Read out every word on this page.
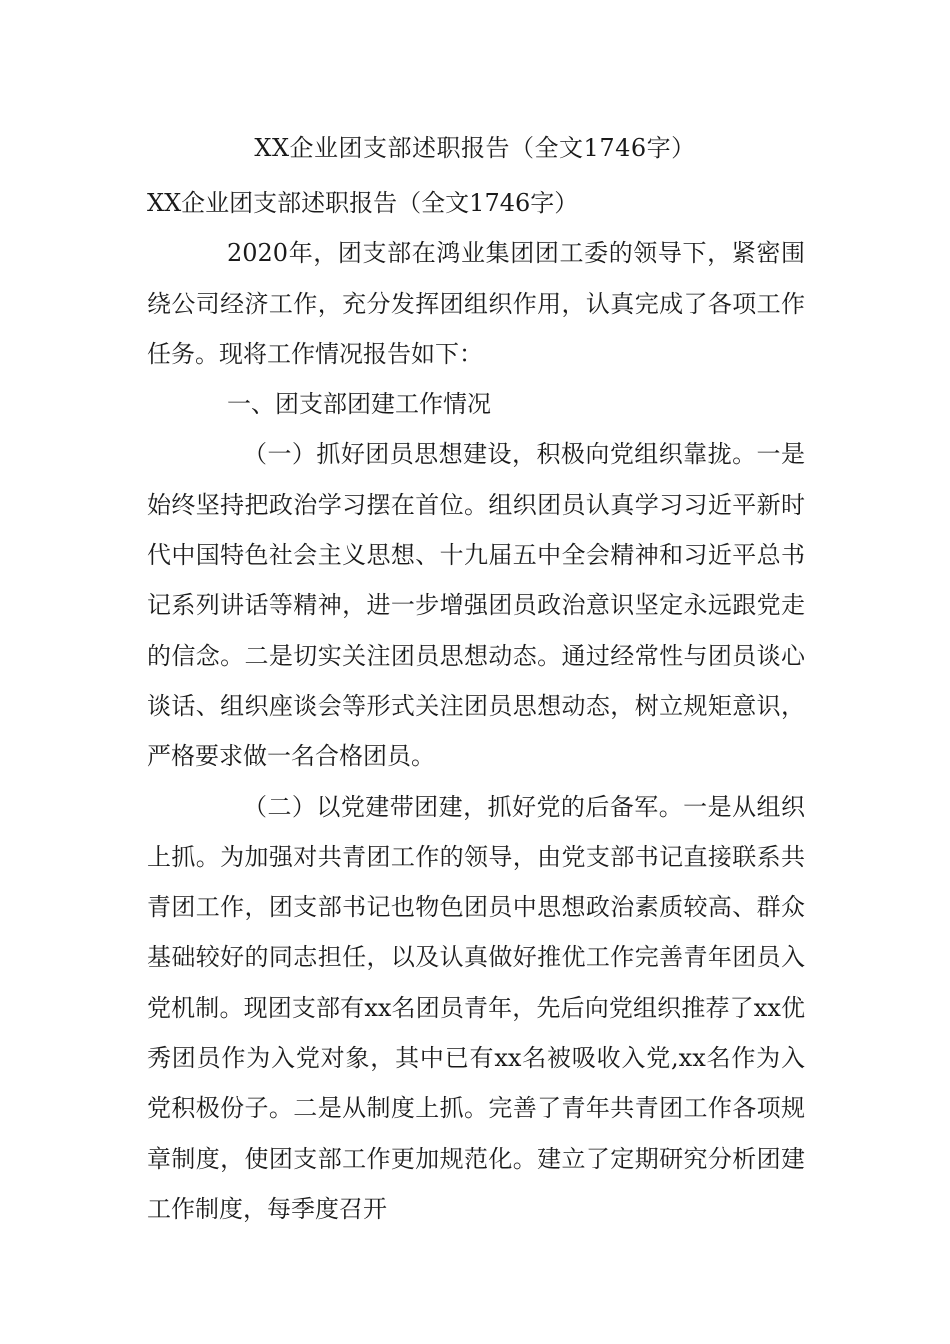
XX企业团支部述职报告（全文1746字）

XX企业团支部述职报告（全文1746字）

2020年，团支部在鸿业集团团工委的领导下，紧密围绕公司经济工作，充分发挥团组织作用，认真完成了各项工作任务。现将工作情况报告如下：

一、团支部团建工作情况

（一）抓好团员思想建设，积极向党组织靠拢。一是始终坚持把政治学习摆在首位。组织团员认真学习习近平新时代中国特色社会主义思想、十九届五中全会精神和习近平总书记系列讲话等精神，进一步增强团员政治意识坚定永远跟党走的信念。二是切实关注团员思想动态。通过经常性与团员谈心谈话、组织座谈会等形式关注团员思想动态，树立规矩意识，严格要求做一名合格团员。

（二）以党建带团建，抓好党的后备军。一是从组织上抓。为加强对共青团工作的领导，由党支部书记直接联系共青团工作，团支部书记也物色团员中思想政治素质较高、群众基础较好的同志担任，以及认真做好推优工作完善青年团员入党机制。现团支部有xx名团员青年，先后向党组织推荐了xx优秀团员作为入党对象，其中已有xx名被吸收入党,xx名作为入党积极份子。二是从制度上抓。完善了青年共青团工作各项规章制度，使团支部工作更加规范化。建立了定期研究分析团建工作制度，每季度召开
